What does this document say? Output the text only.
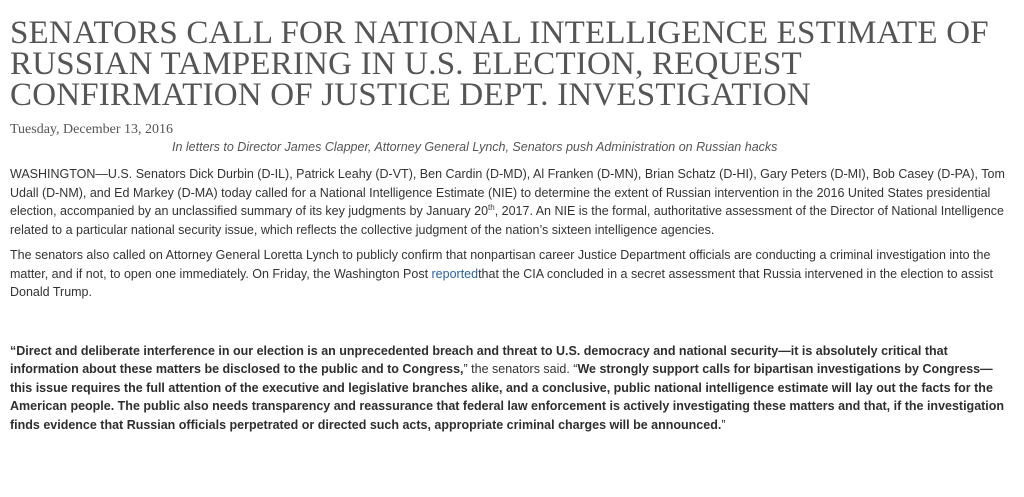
SENATORS CALL FOR NATIONAL INTELLIGENCE ESTIMATE OF RUSSIAN TAMPERING IN U.S. ELECTION, REQUEST CONFIRMATION OF JUSTICE DEPT. INVESTIGATION
Tuesday, December 13, 2016
In letters to Director James Clapper, Attorney General Lynch, Senators push Administration on Russian hacks

WASHINGTON—U.S. Senators Dick Durbin (D-IL), Patrick Leahy (D-VT), Ben Cardin (D-MD), Al Franken (D-MN), Brian Schatz (D-HI), Gary Peters (D-MI), Bob Casey (D-PA), Tom Udall (D-NM), and Ed Markey (D-MA) today called for a National Intelligence Estimate (NIE) to determine the extent of Russian intervention in the 2016 United States presidential election, accompanied by an unclassified summary of its key judgments by January 20th, 2017. An NIE is the formal, authoritative assessment of the Director of National Intelligence related to a particular national security issue, which reflects the collective judgment of the nation’s sixteen intelligence agencies.

The senators also called on Attorney General Loretta Lynch to publicly confirm that nonpartisan career Justice Department officials are conducting a criminal investigation into the matter, and if not, to open one immediately. On Friday, the Washington Post reportedthat the CIA concluded in a secret assessment that Russia intervened in the election to assist Donald Trump.

“Direct and deliberate interference in our election is an unprecedented breach and threat to U.S. democracy and national security—it is absolutely critical that information about these matters be disclosed to the public and to Congress,” the senators said. “We strongly support calls for bipartisan investigations by Congress—this issue requires the full attention of the executive and legislative branches alike, and a conclusive, public national intelligence estimate will lay out the facts for the American people. The public also needs transparency and reassurance that federal law enforcement is actively investigating these matters and that, if the investigation finds evidence that Russian officials perpetrated or directed such acts, appropriate criminal charges will be announced.”
